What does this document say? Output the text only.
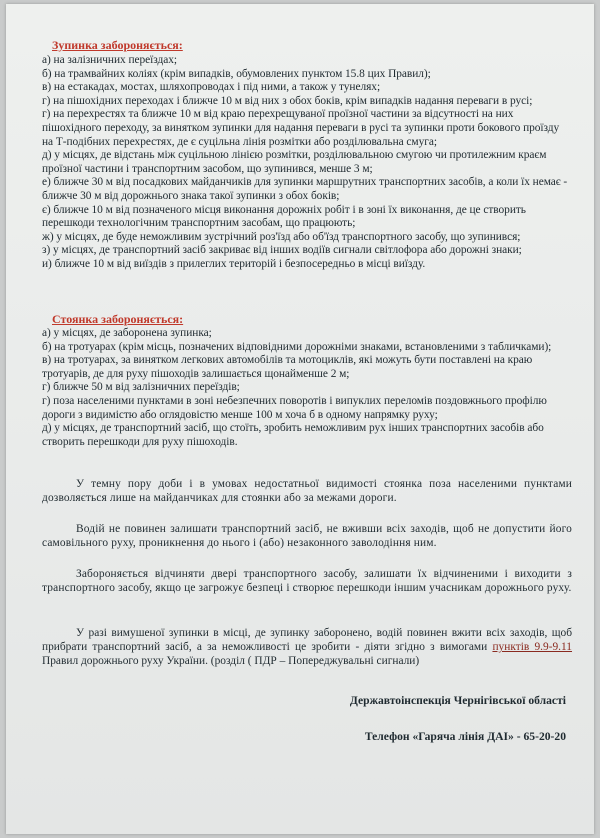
Зупинка забороняється:
а) на залізничних переїздах;
б) на трамвайних коліях (крім випадків, обумовлених пунктом 15.8 цих Правил);
в) на естакадах, мостах, шляхопроводах і під ними, а також у тунелях;
г) на пішохідних переходах і ближче 10 м від них з обох боків, крім випадків надання переваги в русі;
г) на перехрестях та ближче 10 м від краю перехрещуваної проїзної частини за відсутності на них пішохідного переходу, за винятком зупинки для надання переваги в русі та зупинки проти бокового проїзду на Т-подібних перехрестях, де є суцільна лінія розмітки або розділювальна смуга;
д) у місцях, де відстань між суцільною лінією розмітки, розділювальною смугою чи протилежним краєм проїзної частини і транспортним засобом, що зупинився, менше 3 м;
е) ближче 30 м від посадкових майданчиків для зупинки маршрутних транспортних засобів, а коли їх немає - ближче 30 м від дорожнього знака такої зупинки з обох боків;
є) ближче 10 м від позначеного місця виконання дорожніх робіт і в зоні їх виконання, де це створить перешкоди технологічним транспортним засобам, що працюють;
ж) у місцях, де буде неможливим зустрічний роз'їзд або об'їзд транспортного засобу, що зупинився;
з) у місцях, де транспортний засіб закриває від інших водіїв сигнали світлофора або дорожні знаки;
и) ближче 10 м від виїздів з прилеглих територій і безпосередньо в місці виїзду.
Стоянка забороняється:
а) у місцях, де заборонена зупинка;
б) на тротуарах (крім місць, позначених відповідними дорожніми знаками, встановленими з табличками);
в) на тротуарах, за винятком легкових автомобілів та мотоциклів, які можуть бути поставлені на краю тротуарів, де для руху пішоходів залишається щонайменше 2 м;
г) ближче 50 м від залізничних переїздів;
г) поза населеними пунктами в зоні небезпечних поворотів і випуклих переломів поздовжнього профілю дороги з видимістю або оглядовістю менше 100 м хоча б в одному напрямку руху;
д) у місцях, де транспортний засіб, що стоїть, зробить неможливим рух інших транспортних засобів або створить перешкоди для руху пішоходів.

У темну пору доби і в умовах недостатньої видимості стоянка поза населеними пунктами дозволяється лише на майданчиках для стоянки або за межами дороги.

Водій не повинен залишати транспортний засіб, не вживши всіх заходів, щоб не допустити його самовільного руху, проникнення до нього і (або) незаконного заволодіння ним.

Забороняється відчиняти двері транспортного засобу, залишати їх відчиненими і виходити з транспортного засобу, якщо це загрожує безпеці і створює перешкоди іншим учасникам дорожнього руху.

У разі вимушеної зупинки в місці, де зупинку заборонено, водій повинен вжити всіх заходів, щоб прибрати транспортний засіб, а за неможливості це зробити - діяти згідно з вимогами пунктів 9.9-9.11 Правил дорожнього руху України. (розділ ( ПДР – Попереджувальні сигнали)

Державтоінспекція Чернігівської області
Телефон «Гаряча лінія ДАІ» - 65-20-20
